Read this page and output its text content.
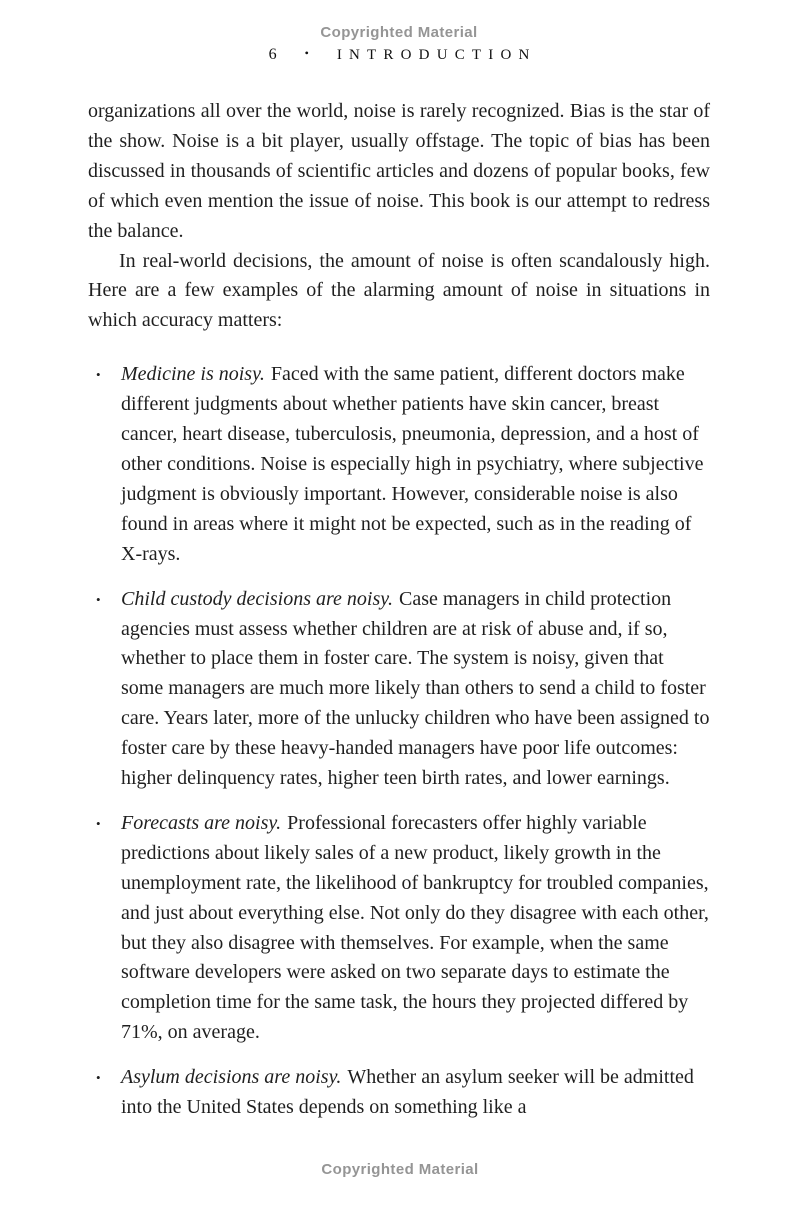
Copyrighted Material
6 • INTRODUCTION

organizations all over the world, noise is rarely recognized. Bias is the star of the show. Noise is a bit player, usually offstage. The topic of bias has been discussed in thousands of scientific articles and dozens of popular books, few of which even mention the issue of noise. This book is our attempt to redress the balance.

In real-world decisions, the amount of noise is often scandalously high. Here are a few examples of the alarming amount of noise in situations in which accuracy matters:

• Medicine is noisy. Faced with the same patient, different doctors make different judgments about whether patients have skin cancer, breast cancer, heart disease, tuberculosis, pneumonia, depression, and a host of other conditions. Noise is especially high in psychiatry, where subjective judgment is obviously important. However, considerable noise is also found in areas where it might not be expected, such as in the reading of X-rays.
• Child custody decisions are noisy. Case managers in child protection agencies must assess whether children are at risk of abuse and, if so, whether to place them in foster care. The system is noisy, given that some managers are much more likely than others to send a child to foster care. Years later, more of the unlucky children who have been assigned to foster care by these heavy-handed managers have poor life outcomes: higher delinquency rates, higher teen birth rates, and lower earnings.
• Forecasts are noisy. Professional forecasters offer highly variable predictions about likely sales of a new product, likely growth in the unemployment rate, the likelihood of bankruptcy for troubled companies, and just about everything else. Not only do they disagree with each other, but they also disagree with themselves. For example, when the same software developers were asked on two separate days to estimate the completion time for the same task, the hours they projected differed by 71%, on average.
• Asylum decisions are noisy. Whether an asylum seeker will be admitted into the United States depends on something like a
Copyrighted Material
